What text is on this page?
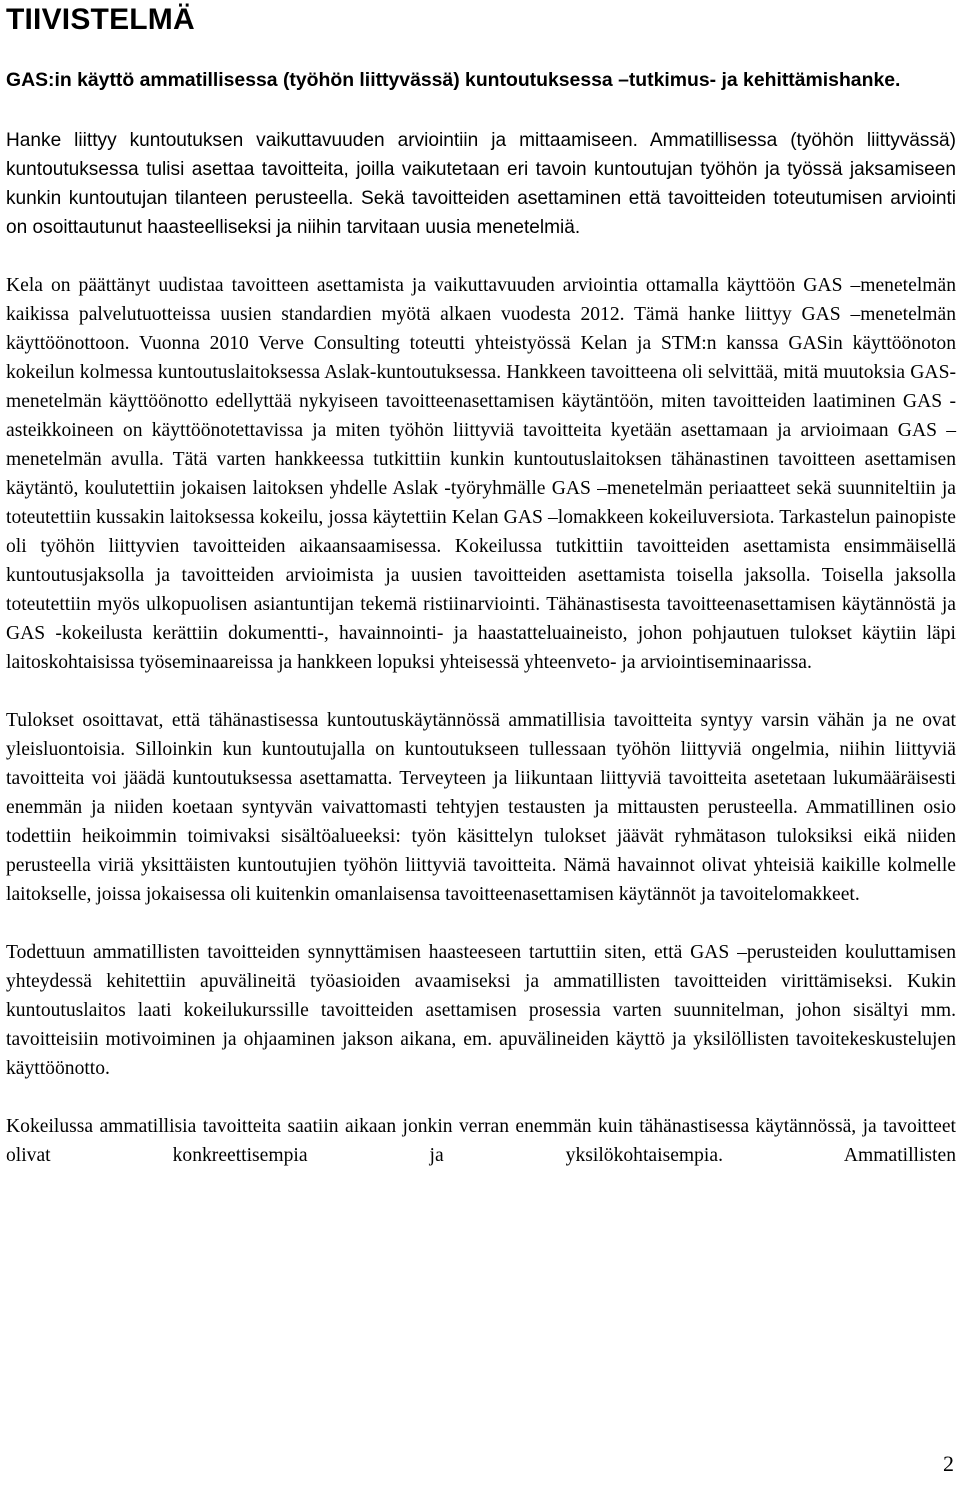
TIIVISTELMÄ

GAS:in käyttö ammatillisessa (työhön liittyvässä) kuntoutuksessa –tutkimus- ja kehittämishanke.

Hanke liittyy kuntoutuksen vaikuttavuuden arviointiin ja mittaamiseen. Ammatillisessa (työhön liittyvässä) kuntoutuksessa tulisi asettaa tavoitteita, joilla vaikutetaan eri tavoin kuntoutujan työhön ja työssä jaksamiseen kunkin kuntoutujan tilanteen perusteella. Sekä tavoitteiden asettaminen että tavoitteiden toteutumisen arviointi on osoittautunut haasteelliseksi ja niihin tarvitaan uusia menetelmiä.

Kela on päättänyt uudistaa tavoitteen asettamista ja vaikuttavuuden arviointia ottamalla käyttöön GAS –menetelmän kaikissa palvelutuotteissa uusien standardien myötä alkaen vuodesta 2012. Tämä hanke liittyy GAS –menetelmän käyttöönottoon. Vuonna 2010 Verve Consulting toteutti yhteistyössä Kelan ja STM:n kanssa GASin käyttöönoton kokeilun kolmessa kuntoutuslaitoksessa Aslak-kuntoutuksessa. Hankkeen tavoitteena oli selvittää, mitä muutoksia GAS-menetelmän käyttöönotto edellyttää nykyiseen tavoitteenasettamisen käytäntöön, miten tavoitteiden laatiminen GAS -asteikkoineen on käyttöönotettavissa ja miten työhön liittyviä tavoitteita kyetään asettamaan ja arvioimaan GAS –menetelmän avulla. Tätä varten hankkeessa tutkittiin kunkin kuntoutuslaitoksen tähänastinen tavoitteen asettamisen käytäntö, koulutettiin jokaisen laitoksen yhdelle Aslak -työryhmälle GAS –menetelmän periaatteet sekä suunniteltiin ja toteutettiin kussakin laitoksessa kokeilu, jossa käytettiin Kelan GAS –lomakkeen kokeiluversiota. Tarkastelun painopiste oli työhön liittyvien tavoitteiden aikaansaamisessa. Kokeilussa tutkittiin tavoitteiden asettamista ensimmäisellä kuntoutusjaksolla ja tavoitteiden arvioimista ja uusien tavoitteiden asettamista toisella jaksolla. Toisella jaksolla toteutettiin myös ulkopuolisen asiantuntijan tekemä ristiinarviointi. Tähänastisesta tavoitteenasettamisen käytännöstä ja GAS -kokeilusta kerättiin dokumentti-, havainnointi- ja haastatteluaineisto, johon pohjautuen tulokset käytiin läpi laitoskohtaisissa työseminaareissa ja hankkeen lopuksi yhteisessä yhteenveto- ja arviointiseminaarissa.

Tulokset osoittavat, että tähänastisessa kuntoutuskäytännössä ammatillisia tavoitteita syntyy varsin vähän ja ne ovat yleisluontoisia. Silloinkin kun kuntoutujalla on kuntoutukseen tullessaan työhön liittyviä ongelmia, niihin liittyviä tavoitteita voi jäädä kuntoutuksessa asettamatta. Terveyteen ja liikuntaan liittyviä tavoitteita asetetaan lukumääräisesti enemmän ja niiden koetaan syntyvän vaivattomasti tehtyjen testausten ja mittausten perusteella. Ammatillinen osio todettiin heikoimmin toimivaksi sisältöalueeksi: työn käsittelyn tulokset jäävät ryhmätason tuloksiksi eikä niiden perusteella viriä yksittäisten kuntoutujien työhön liittyviä tavoitteita. Nämä havainnot olivat yhteisiä kaikille kolmelle laitokselle, joissa jokaisessa oli kuitenkin omanlaisensa tavoitteenasettamisen käytännöt ja tavoitelomakkeet.

Todettuun ammatillisten tavoitteiden synnyttämisen haasteeseen tartuttiin siten, että GAS –perusteiden kouluttamisen yhteydessä kehitettiin apuvälineitä työasioiden avaamiseksi ja ammatillisten tavoitteiden virittämiseksi. Kukin kuntoutuslaitos laati kokeilukurssille tavoitteiden asettamisen prosessia varten suunnitelman, johon sisältyi mm. tavoitteisiin motivoiminen ja ohjaaminen jakson aikana, em. apuvälineiden käyttö ja yksilöllisten tavoitekeskustelujen käyttöönotto.

Kokeilussa ammatillisia tavoitteita saatiin aikaan jonkin verran enemmän kuin tähänastisessa käytännössä, ja tavoitteet olivat konkreettisempia ja yksilökohtaisempia. Ammatillisten

2
